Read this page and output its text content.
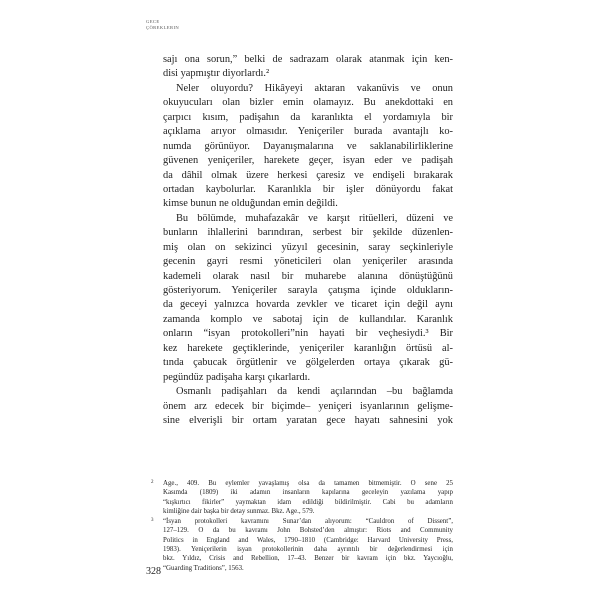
GECE
ÇÖREKLERIN
sajı ona sorun,” belki de sadrazam olarak atanmak için ken-
disi yapmıştır diyorlardı.²
Neler oluyordu? Hikâyeyi aktaran vakanüvis ve onun
okuyucuları olan bizler emin olamayız. Bu anekdottaki en
çarpıcı kısım, padişahın da karanlıkta el yordamıyla bir
açıklama arıyor olmasıdır. Yeniçeriler burada avantajlı ko-
numda görünüyor. Dayanışmalarına ve saklanabilirliklerine
güvenen yeniçeriler, harekete geçer, isyan eder ve padişah
da dâhil olmak üzere herkesi çaresiz ve endişeli bırakarak
ortadan kaybolurlar. Karanlıkla bir işler dönüyordu fakat
kimse bunun ne olduğundan emin değildi.
Bu bölümde, muhafazakâr ve karşıt ritüelleri, düzeni ve
bunların ihlallerini barındıran, serbest bir şekilde düzenlen-
miş olan on sekizinci yüzyıl gecesinin, saray seçkinleriyle
gecenin gayri resmi yöneticileri olan yeniçeriler arasında
kademeli olarak nasıl bir muharebe alanına dönüştüğünü
gösteriyorum. Yeniçeriler sarayla çatışma içinde oldukların-
da geceyi yalnızca hovarda zevkler ve ticaret için değil aynı
zamanda komplo ve sabotaj için de kullandılar. Karanlık
onların “isyan protokolleri”nin hayati bir veçhesiydi.³ Bir
kez harekete geçtiklerinde, yeniçeriler karanlığın örtüsü al-
tında çabucak örgütlenir ve gölgelerden ortaya çıkarak gü-
pegündüz padişaha karşı çıkarlardı.
Osmanlı padişahları da kendi açılarından –bu bağlamda
önem arz edecek bir biçimde– yeniçeri isyanlarının gelişme-
sine elverişli bir ortam yaratan gece hayatı sahnesini yok
2 Age., 409. Bu eylemler yavaşlamış olsa da tamamen bitmemiştir. O sene 25
Kasımda (1809) iki adamın insanların kapılarına geceleyin yazılama yapıp
“kışkırtıcı fikirler” yaymaktan idam edildiği bildirilmiştir. Cabi bu adamların
kimliğine dair başka bir detay sunmaz. Bkz. Age., 579.
3 “İsyan protokolleri kavramını Sunar’dan alıyorum: “Cauldron of Dissent”,
127–129. O da bu kavramı John Bohsted’den almıştır: Riots and Community
Politics in England and Wales, 1790–1810 (Cambridge: Harvard University Press,
1983). Yeniçerilerin isyan protokollerinin daha ayrıntılı bir değerlendirmesi için
bkz. Yıldız, Crisis and Rebellion, 17–43. Benzer bir kavram için bkz. Yaycıoğlu,
“Guarding Traditions”, 1563.
328
